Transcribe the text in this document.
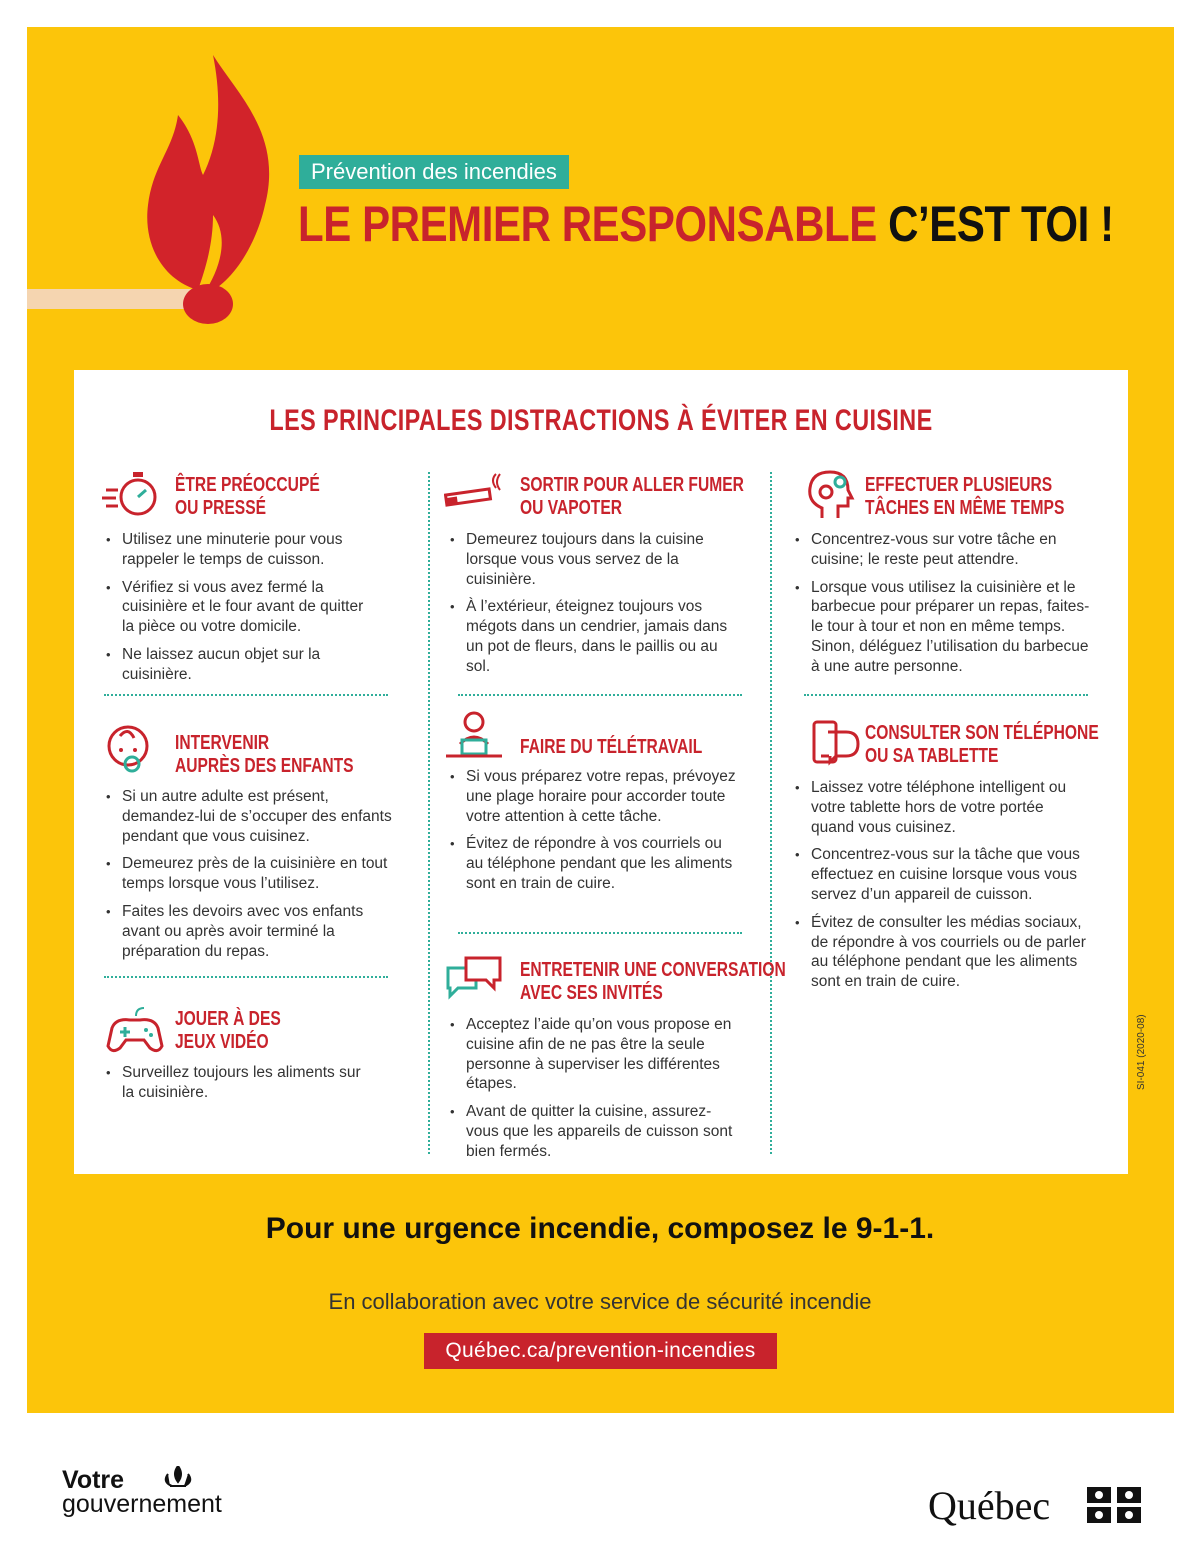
Prévention des incendies
LE PREMIER RESPONSABLE C’EST TOI !
LES PRINCIPALES DISTRACTIONS À ÉVITER EN CUISINE
ÊTRE PRÉOCCUPÉ
OU PRESSÉ
• Utilisez une minuterie pour vous rappeler le temps de cuisson.
• Vérifiez si vous avez fermé la cuisinière et le four avant de quitter la pièce ou votre domicile.
• Ne laissez aucun objet sur la cuisinière.
INTERVENIR
AUPRÈS DES ENFANTS
• Si un autre adulte est présent, demandez-lui de s’occuper des enfants pendant que vous cuisinez.
• Demeurez près de la cuisinière en tout temps lorsque vous l’utilisez.
• Faites les devoirs avec vos enfants avant ou après avoir terminé la préparation du repas.
JOUER À DES
JEUX VIDÉO
• Surveillez toujours les aliments sur la cuisinière.
SORTIR POUR ALLER FUMER
OU VAPOTER
• Demeurez toujours dans la cuisine lorsque vous vous servez de la cuisinière.
• À l’extérieur, éteignez toujours vos mégots dans un cendrier, jamais dans un pot de fleurs, dans le paillis ou au sol.
FAIRE DU TÉLÉTRAVAIL
• Si vous préparez votre repas, prévoyez une plage horaire pour accorder toute votre attention à cette tâche.
• Évitez de répondre à vos courriels ou au téléphone pendant que les aliments sont en train de cuire.
ENTRETENIR UNE CONVERSATION
AVEC SES INVITÉS
• Acceptez l’aide qu’on vous propose en cuisine afin de ne pas être la seule personne à superviser les différentes étapes.
• Avant de quitter la cuisine, assurez-vous que les appareils de cuisson sont bien fermés.
EFFECTUER PLUSIEURS
TÂCHES EN MÊME TEMPS
• Concentrez-vous sur votre tâche en cuisine; le reste peut attendre.
• Lorsque vous utilisez la cuisinière et le barbecue pour préparer un repas, faites-le tour à tour et non en même temps. Sinon, déléguez l’utilisation du barbecue à une autre personne.
CONSULTER SON TÉLÉPHONE
OU SA TABLETTE
• Laissez votre téléphone intelligent ou votre tablette hors de votre portée quand vous cuisinez.
• Concentrez-vous sur la tâche que vous effectuez en cuisine lorsque vous vous servez d’un appareil de cuisson.
• Évitez de consulter les médias sociaux, de répondre à vos courriels ou de parler au téléphone pendant que les aliments sont en train de cuire.
SI-041 (2020-08)
Pour une urgence incendie, composez le 9-1-1.
En collaboration avec votre service de sécurité incendie
Québec.ca/prevention-incendies
Votre
gouvernement	Québec
